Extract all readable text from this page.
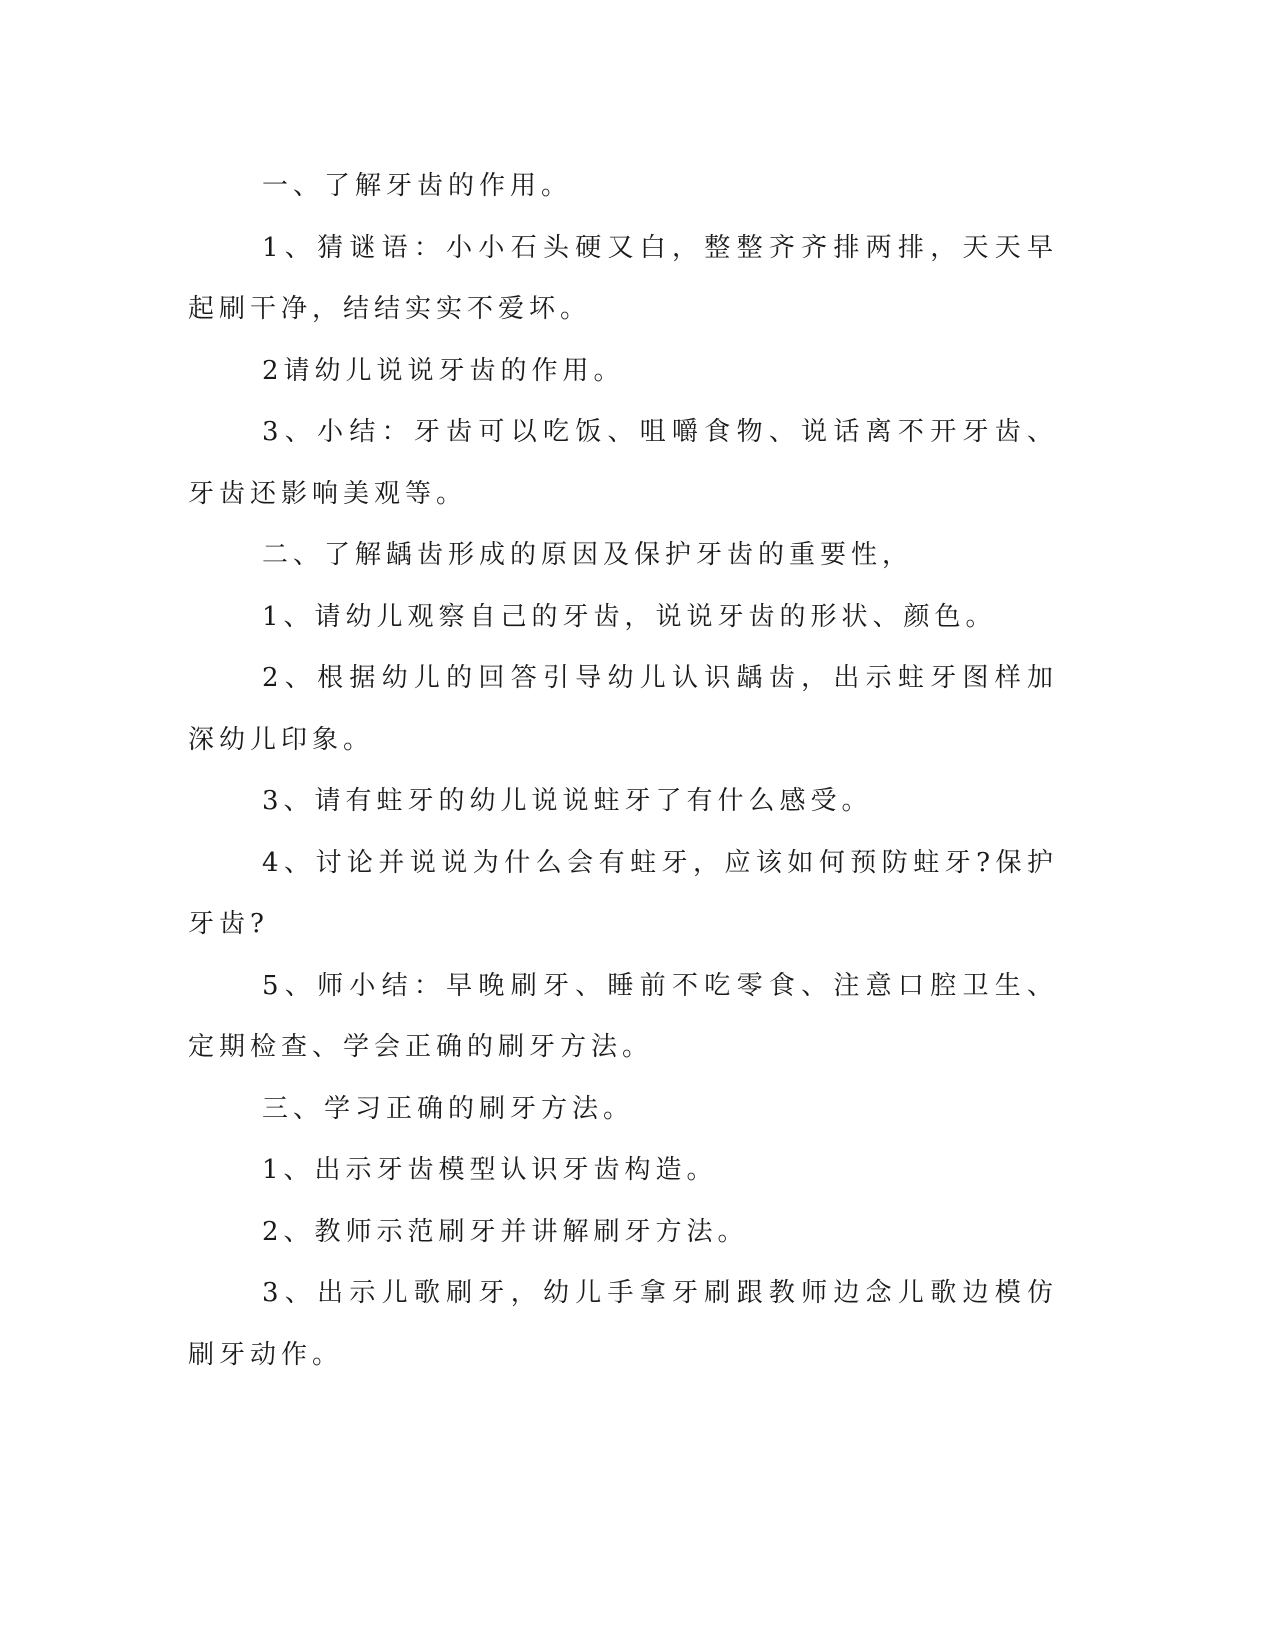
一、了解牙齿的作用。

1、猜谜语：小小石头硬又白，整整齐齐排两排，天天早起刷干净，结结实实不爱坏。

2请幼儿说说牙齿的作用。

3、小结：牙齿可以吃饭、咀嚼食物、说话离不开牙齿、牙齿还影响美观等。

二、了解龋齿形成的原因及保护牙齿的重要性，

1、请幼儿观察自己的牙齿，说说牙齿的形状、颜色。

2、根据幼儿的回答引导幼儿认识龋齿，出示蛀牙图样加深幼儿印象。

3、请有蛀牙的幼儿说说蛀牙了有什么感受。

4、讨论并说说为什么会有蛀牙，应该如何预防蛀牙?保护牙齿?

5、师小结：早晚刷牙、睡前不吃零食、注意口腔卫生、定期检查、学会正确的刷牙方法。

三、学习正确的刷牙方法。

1、出示牙齿模型认识牙齿构造。

2、教师示范刷牙并讲解刷牙方法。

3、出示儿歌刷牙，幼儿手拿牙刷跟教师边念儿歌边模仿刷牙动作。
